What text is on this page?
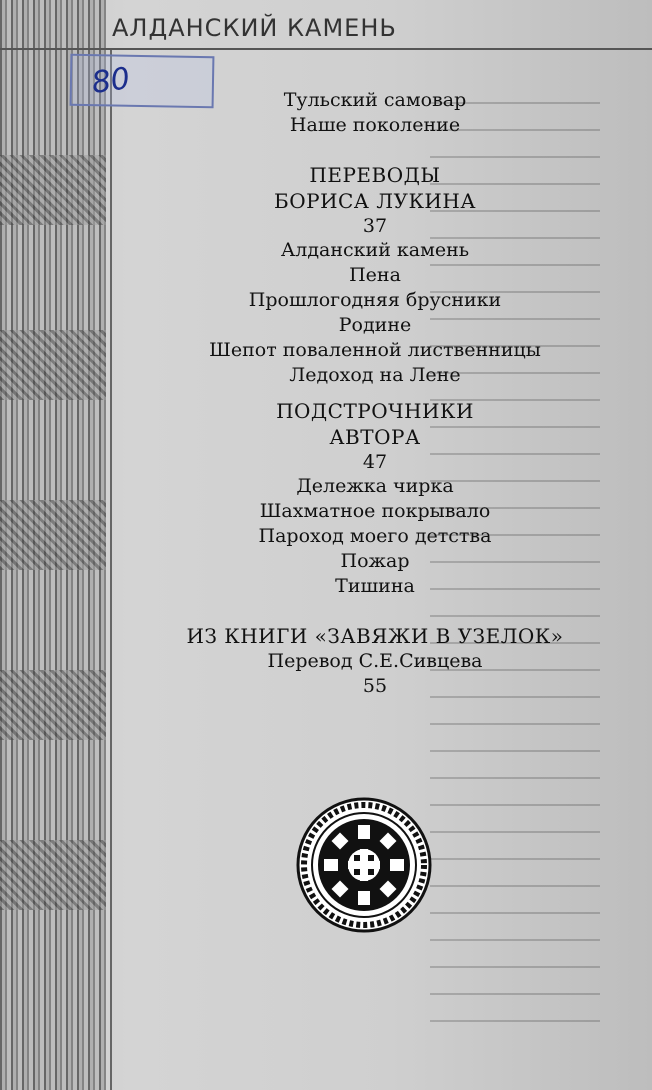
АЛДАНСКИЙ КАМЕНЬ
80	Тульский самовар
Наше поколение
ПЕРЕВОДЫ
БОРИСА ЛУКИНА
37
Алданский камень
Пена
Прошлогодняя брусники
Родине
Шепот поваленной лиственницы
Ледоход на Лене
ПОДСТРОЧНИКИ
АВТОРА
47
Дележка чирка
Шахматное покрывало
Пароход моего детства
Пожар
Тишина
ИЗ КНИГИ «ЗАВЯЖИ В УЗЕЛОК»
Перевод С.Е.Сивцева
55
